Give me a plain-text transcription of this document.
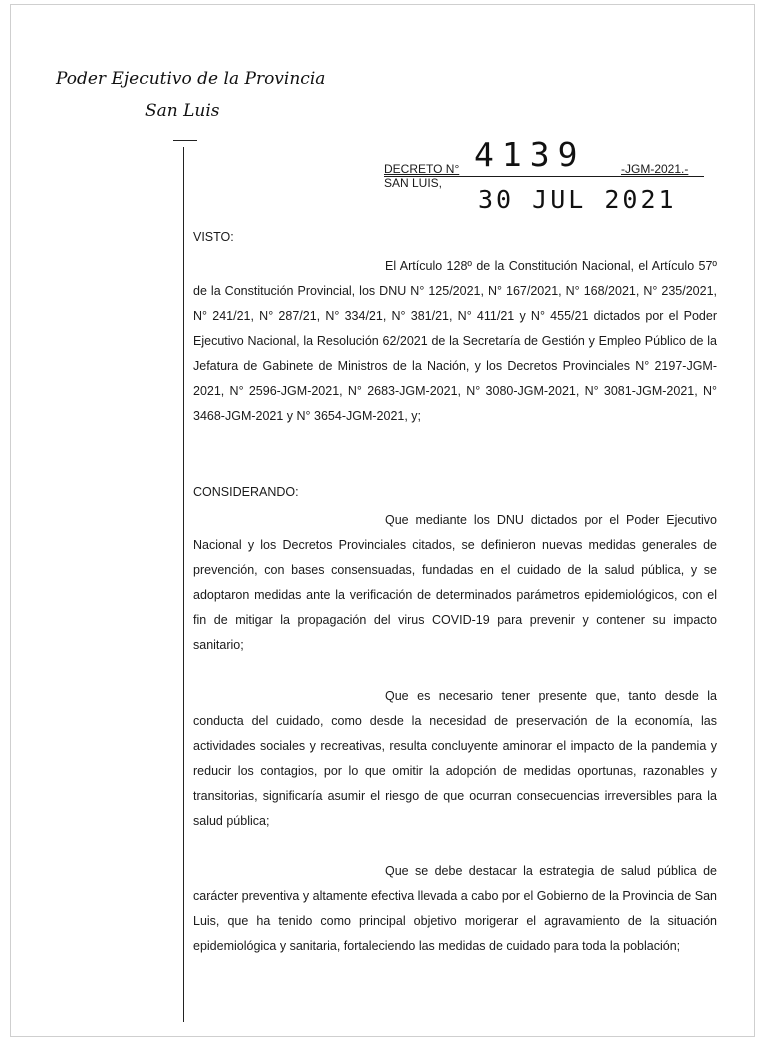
Poder Ejecutivo de la Provincia
San Luis
DECRETO N° 4139	-JGM-2021.-
SAN LUIS,
30 JUL 2021
VISTO:

El Artículo 128º de la Constitución Nacional, el Artículo 57º de la Constitución Provincial, los DNU N° 125/2021, N° 167/2021, N° 168/2021, N° 235/2021, N° 241/21, N° 287/21, N° 334/21, N° 381/21, N° 411/21 y N° 455/21 dictados por el Poder Ejecutivo Nacional, la Resolución 62/2021 de la Secretaría de Gestión y Empleo Público de la Jefatura de Gabinete de Ministros de la Nación, y los Decretos Provinciales N° 2197-JGM-2021, N° 2596-JGM-2021, N° 2683-JGM-2021, N° 3080-JGM-2021, N° 3081-JGM-2021, N° 3468-JGM-2021 y N° 3654-JGM-2021, y;

CONSIDERANDO:

Que mediante los DNU dictados por el Poder Ejecutivo Nacional y los Decretos Provinciales citados, se definieron nuevas medidas generales de prevención, con bases consensuadas, fundadas en el cuidado de la salud pública, y se adoptaron medidas ante la verificación de determinados parámetros epidemiológicos, con el fin de mitigar la propagación del virus COVID-19 para prevenir y contener su impacto sanitario;

Que es necesario tener presente que, tanto desde la conducta del cuidado, como desde la necesidad de preservación de la economía, las actividades sociales y recreativas, resulta concluyente aminorar el impacto de la pandemia y reducir los contagios, por lo que omitir la adopción de medidas oportunas, razonables y transitorias, significaría asumir el riesgo de que ocurran consecuencias irreversibles para la salud pública;

Que se debe destacar la estrategia de salud pública de carácter preventiva y altamente efectiva llevada a cabo por el Gobierno de la Provincia de San Luis, que ha tenido como principal objetivo morigerar el agravamiento de la situación epidemiológica y sanitaria, fortaleciendo las medidas de cuidado para toda la población;
